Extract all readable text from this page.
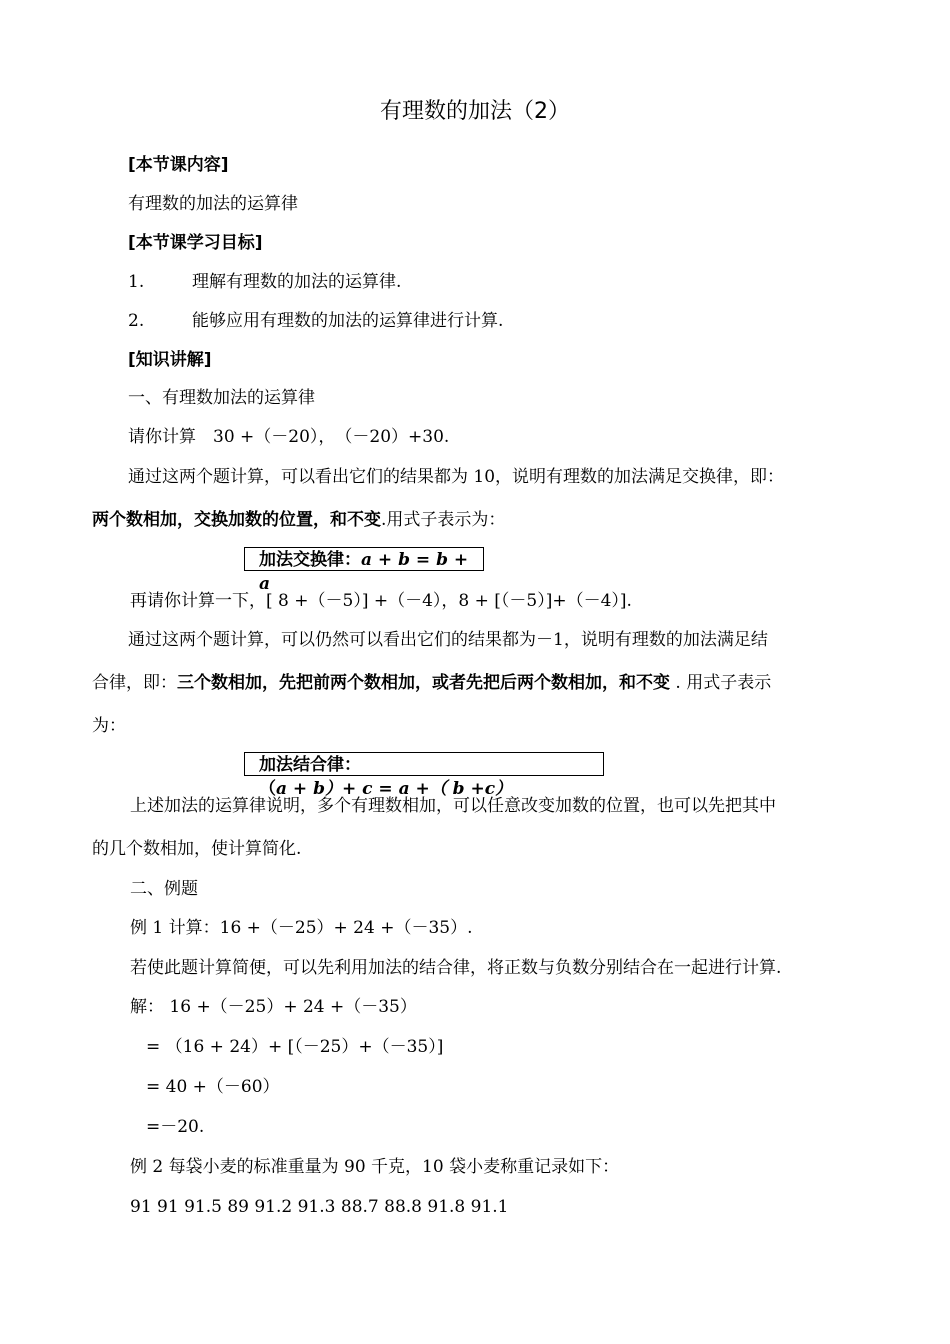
有理数的加法（2）
[本节课内容]
有理数的加法的运算律
[本节课学习目标]
1.	理解有理数的加法的运算律.
2.	能够应用有理数的加法的运算律进行计算.
[知识讲解]
一、有理数加法的运算律
请你计算　30 +（－20），　（－20）+30.
通过这两个题计算，可以看出它们的结果都为 10，说明有理数的加法满足交换律，即：
两个数相加，交换加数的位置，和不变.用式子表示为：
加法交换律：a + b = b + a
再请你计算一下，[ 8 +（－5）] +（－4），8 + [（－5）]+（－4）].
通过这两个题计算，可以仍然可以看出它们的结果都为－1，说明有理数的加法满足结
合律，即：三个数相加，先把前两个数相加，或者先把后两个数相加，和不变 . 用式子表示
为：
加法结合律：（a + b）+ c = a +（ b +c）
上述加法的运算律说明，多个有理数相加，可以任意改变加数的位置，也可以先把其中
的几个数相加，使计算简化.
二、例题
例 1 计算：16 +（－25）+ 24 +（－35）.
若使此题计算简便，可以先利用加法的结合律，将正数与负数分别结合在一起进行计算.
解： 16 +（－25）+ 24 +（－35）
= （16 + 24）+ [（－25）+（－35）]
= 40 +（－60）
=－20.
例 2 每袋小麦的标准重量为 90 千克，10 袋小麦称重记录如下：
91 91 91.5 89 91.2 91.3 88.7 88.8 91.8 91.1
